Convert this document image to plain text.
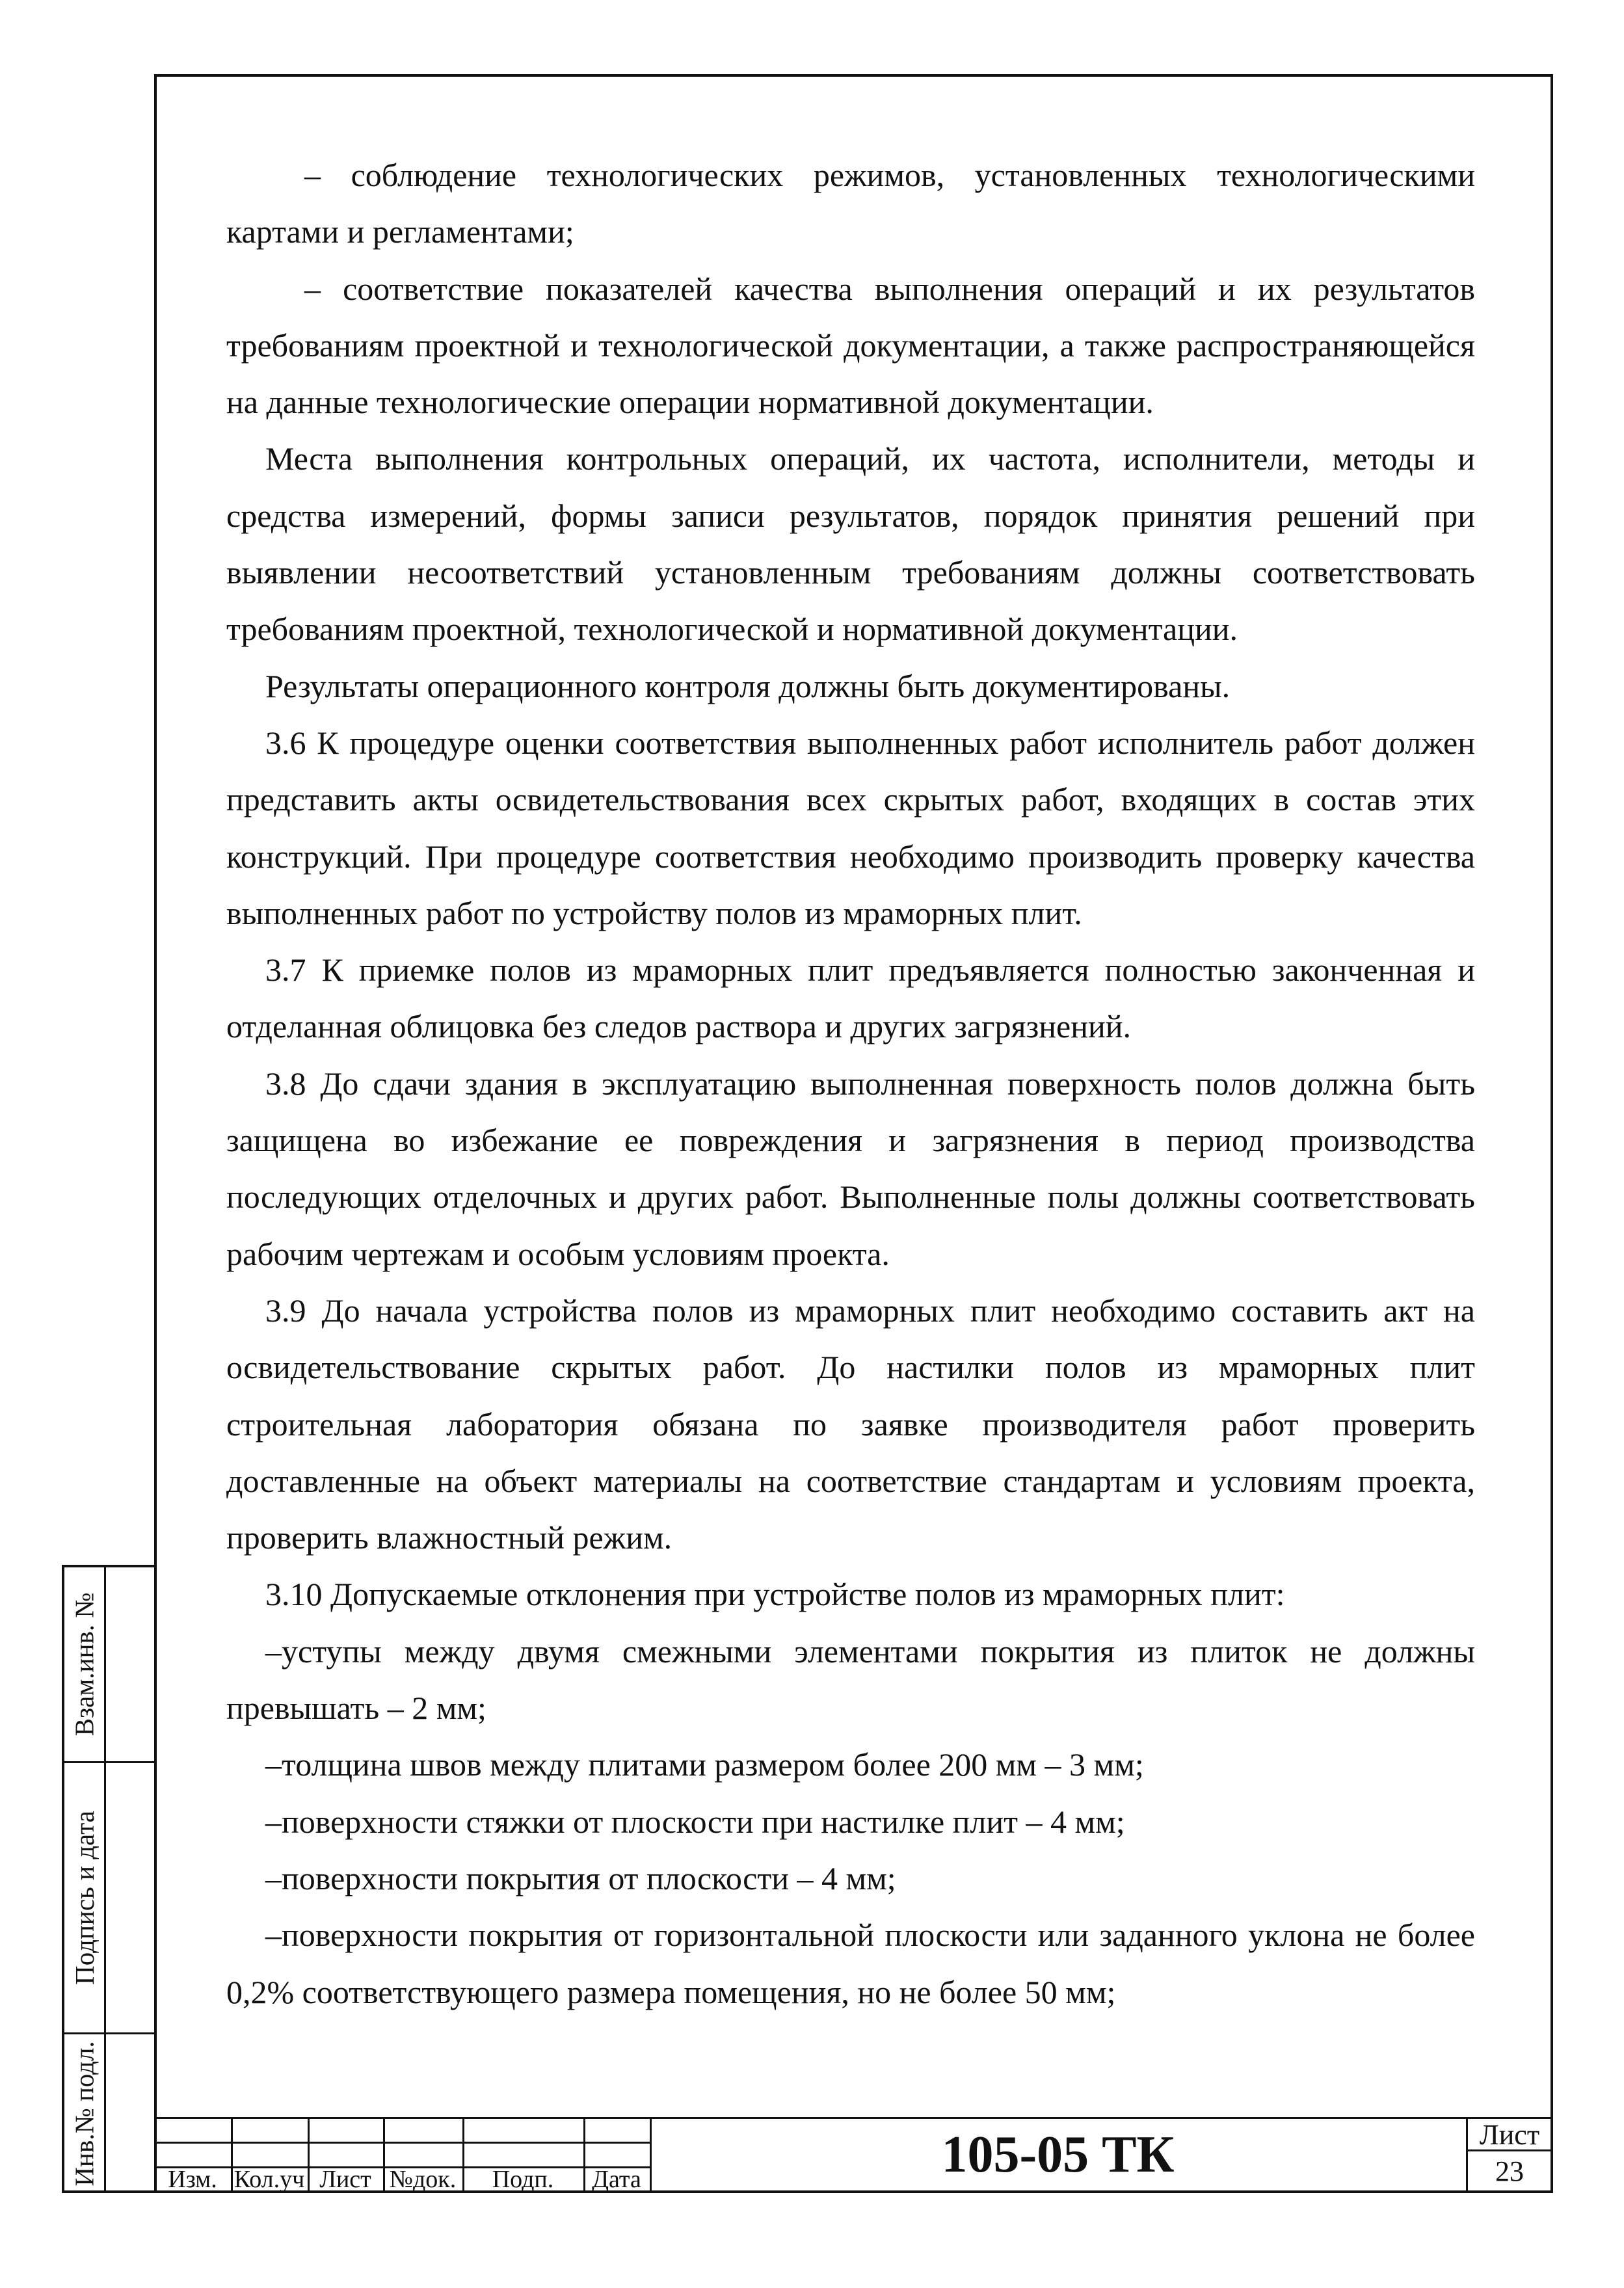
– соблюдение технологических режимов, установленных технологическими картами и регламентами;

– соответствие показателей качества выполнения операций и их результатов требованиям проектной и технологической документации, а также распространяющейся на данные технологические операции нормативной документации.

Места выполнения контрольных операций, их частота, исполнители, методы и средства измерений, формы записи результатов, порядок принятия решений при выявлении несоответствий установленным требованиям должны соответствовать требованиям проектной, технологической и нормативной документации.

Результаты операционного контроля должны быть документированы.

3.6 К процедуре оценки соответствия выполненных работ исполнитель работ должен представить акты освидетельствования всех скрытых работ, входящих в состав этих конструкций. При процедуре соответствия необходимо производить проверку качества выполненных работ по устройству полов из мраморных плит.

3.7 К приемке полов из мраморных плит предъявляется полностью законченная и отделанная облицовка без следов раствора и других загрязнений.

3.8 До сдачи здания в эксплуатацию выполненная поверхность полов должна быть защищена во избежание ее повреждения и загрязнения в период производства последующих отделочных и других работ. Выполненные полы должны соответствовать рабочим чертежам и особым условиям проекта.

3.9 До начала устройства полов из мраморных плит необходимо составить акт на освидетельствование скрытых работ. До настилки полов из мраморных плит строительная лаборатория обязана по заявке производителя работ проверить доставленные на объект материалы на соответствие стандартам и условиям проекта, проверить влажностный режим.

3.10 Допускаемые отклонения при устройстве полов из мраморных плит:

–уступы между двумя смежными элементами покрытия из плиток не должны превышать – 2 мм;

–толщина швов между плитами размером более 200 мм – 3 мм;

–поверхности стяжки от плоскости при настилке плит – 4 мм;

–поверхности покрытия от плоскости – 4 мм;

–поверхности покрытия от горизонтальной плоскости или заданного уклона не более 0,2% соответствующего размера помещения, но не более 50 мм;

Взам.инв. №
Подпись и дата
Инв.№ подл.	Изм. Кол.уч Лист №док.	Подп.	Дата	105-05 ТК	Лист
23
